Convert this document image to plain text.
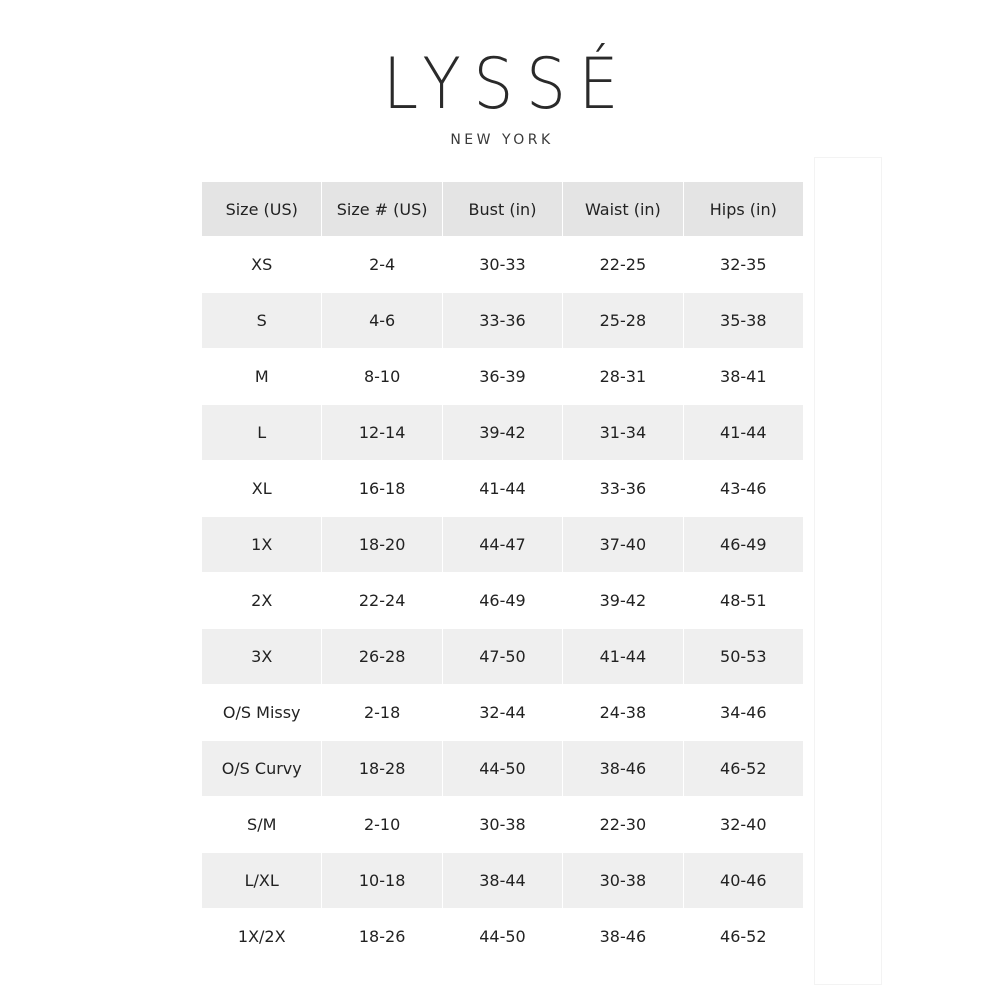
LYSSÉ
NEW YORK
Size (US)	Size # (US)	Bust (in)	Waist (in)	Hips (in)
XS	2-4	30-33	22-25	32-35
S	4-6	33-36	25-28	35-38
M	8-10	36-39	28-31	38-41
L	12-14	39-42	31-34	41-44
XL	16-18	41-44	33-36	43-46
1X	18-20	44-47	37-40	46-49
2X	22-24	46-49	39-42	48-51
3X	26-28	47-50	41-44	50-53
O/S Missy	2-18	32-44	24-38	34-46
O/S Curvy	18-28	44-50	38-46	46-52
S/M	2-10	30-38	22-30	32-40
L/XL	10-18	38-44	30-38	40-46
1X/2X	18-26	44-50	38-46	46-52
